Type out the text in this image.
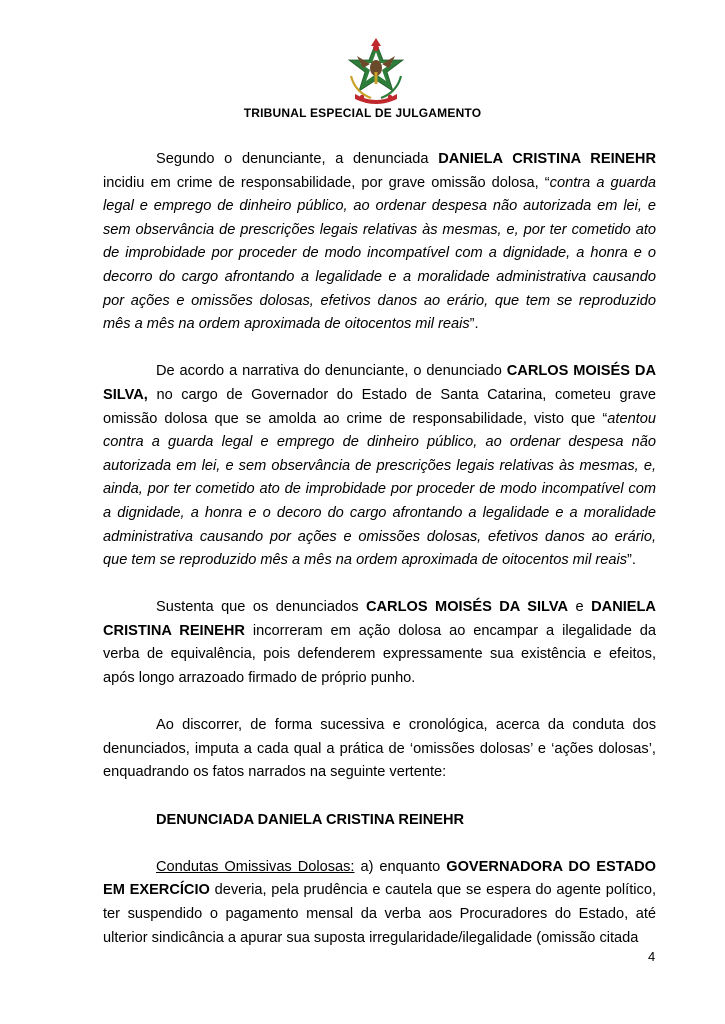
TRIBUNAL ESPECIAL DE JULGAMENTO

Segundo o denunciante, a denunciada DANIELA CRISTINA REINEHR incidiu em crime de responsabilidade, por grave omissão dolosa, “contra a guarda legal e emprego de dinheiro público, ao ordenar despesa não autorizada em lei, e sem observância de prescrições legais relativas às mesmas, e, por ter cometido ato de improbidade por proceder de modo incompatível com a dignidade, a honra e o decorro do cargo afrontando a legalidade e a moralidade administrativa causando por ações e omissões dolosas, efetivos danos ao erário, que tem se reproduzido mês a mês na ordem aproximada de oitocentos mil reais”.

De acordo a narrativa do denunciante, o denunciado CARLOS MOISÉS DA SILVA, no cargo de Governador do Estado de Santa Catarina, cometeu grave omissão dolosa que se amolda ao crime de responsabilidade, visto que “atentou contra a guarda legal e emprego de dinheiro público, ao ordenar despesa não autorizada em lei, e sem observância de prescrições legais relativas às mesmas, e, ainda, por ter cometido ato de improbidade por proceder de modo incompatível com a dignidade, a honra e o decoro do cargo afrontando a legalidade e a moralidade administrativa causando por ações e omissões dolosas, efetivos danos ao erário, que tem se reproduzido mês a mês na ordem aproximada de oitocentos mil reais”.

Sustenta que os denunciados CARLOS MOISÉS DA SILVA e DANIELA CRISTINA REINEHR incorreram em ação dolosa ao encampar a ilegalidade da verba de equivalência, pois defenderem expressamente sua existência e efeitos, após longo arrazoado firmado de próprio punho.

Ao discorrer, de forma sucessiva e cronológica, acerca da conduta dos denunciados, imputa a cada qual a prática de ‘omissões dolosas’ e ‘ações dolosas’, enquadrando os fatos narrados na seguinte vertente:

DENUNCIADA DANIELA CRISTINA REINEHR

Condutas Omissivas Dolosas: a) enquanto GOVERNADORA DO ESTADO EM EXERCÍCIO deveria, pela prudência e cautela que se espera do agente político, ter suspendido o pagamento mensal da verba aos Procuradores do Estado, até ulterior sindicância a apurar sua suposta irregularidade/ilegalidade (omissão citada

4
